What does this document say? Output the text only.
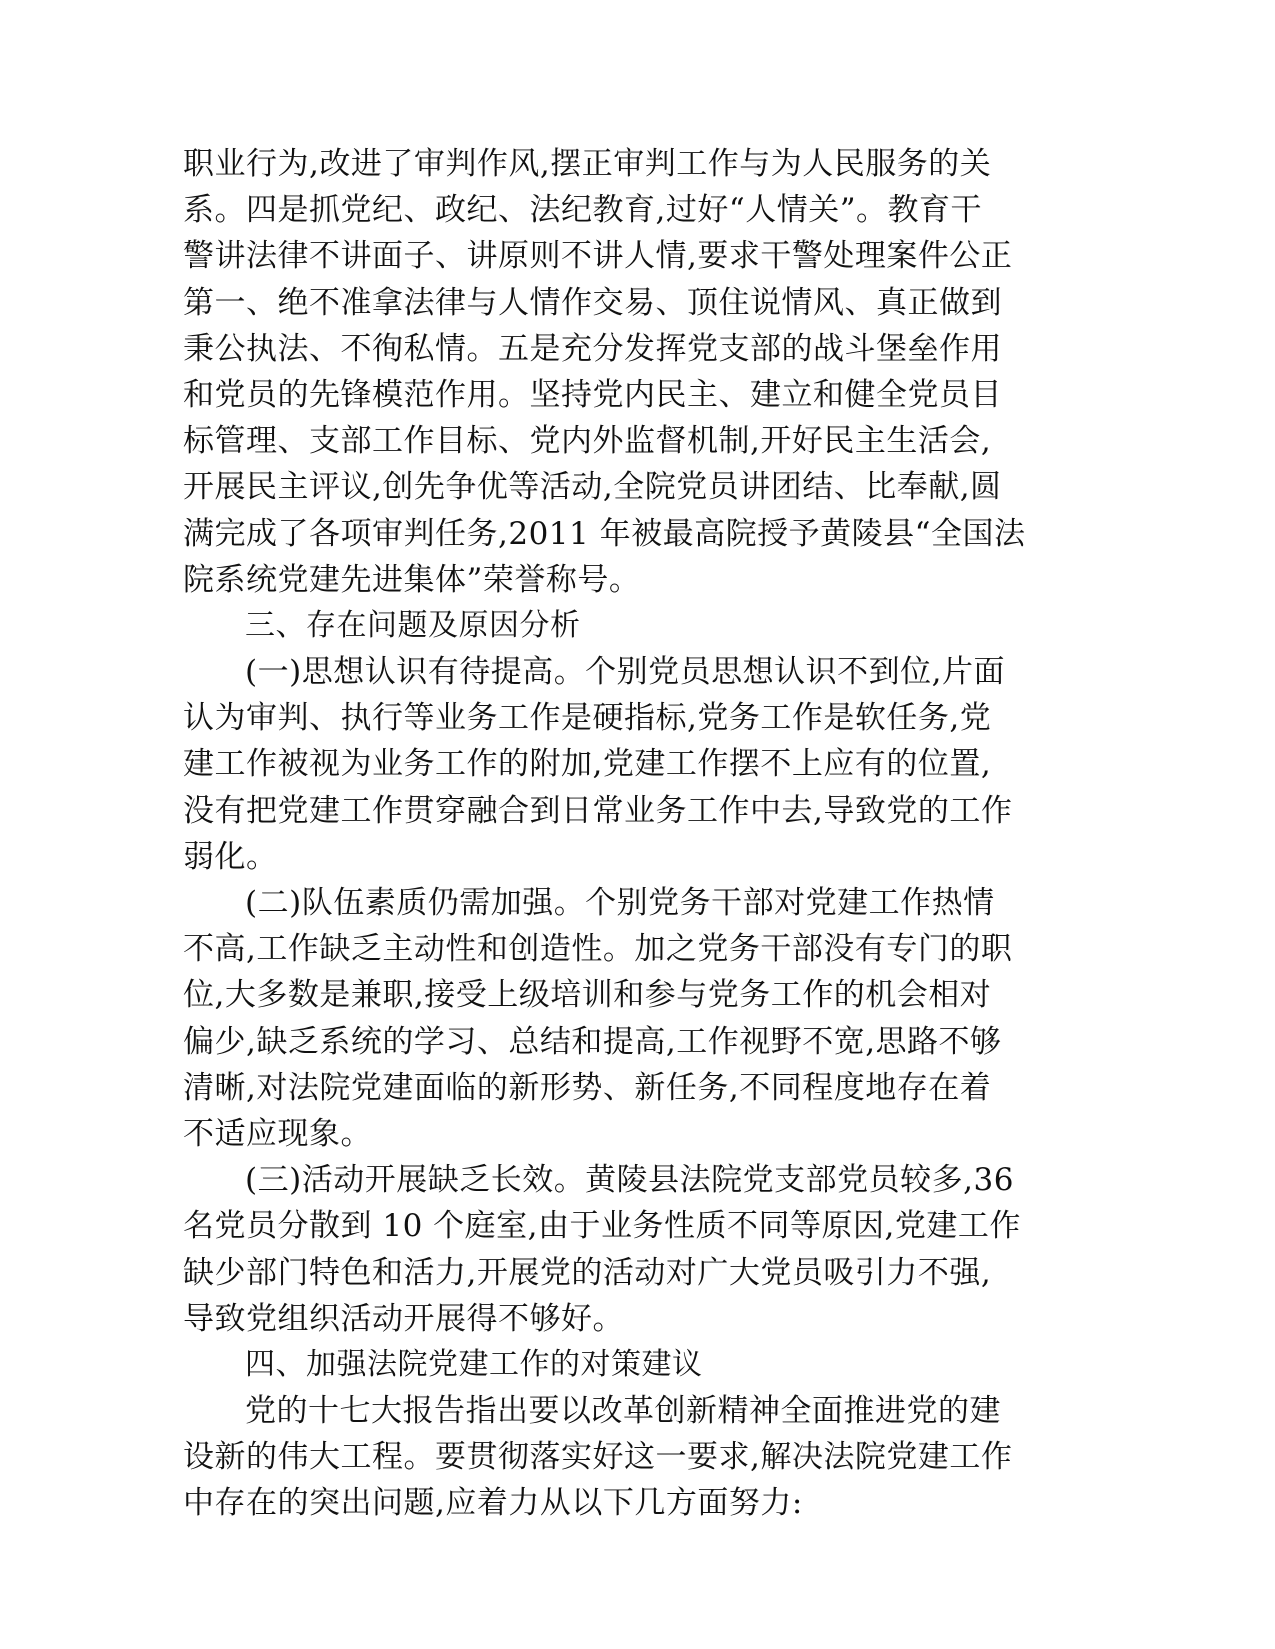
职业行为,改进了审判作风,摆正审判工作与为人民服务的关
系。四是抓党纪、政纪、法纪教育,过好“人情关”。教育干
警讲法律不讲面子、讲原则不讲人情,要求干警处理案件公正
第一、绝不准拿法律与人情作交易、顶住说情风、真正做到
秉公执法、不徇私情。五是充分发挥党支部的战斗堡垒作用
和党员的先锋模范作用。坚持党内民主、建立和健全党员目
标管理、支部工作目标、党内外监督机制,开好民主生活会,
开展民主评议,创先争优等活动,全院党员讲团结、比奉献,圆
满完成了各项审判任务,2011 年被最高院授予黄陵县“全国法
院系统党建先进集体”荣誉称号。
三、存在问题及原因分析
(一)思想认识有待提高。个别党员思想认识不到位,片面
认为审判、执行等业务工作是硬指标,党务工作是软任务,党
建工作被视为业务工作的附加,党建工作摆不上应有的位置,
没有把党建工作贯穿融合到日常业务工作中去,导致党的工作
弱化。
(二)队伍素质仍需加强。个别党务干部对党建工作热情
不高,工作缺乏主动性和创造性。加之党务干部没有专门的职
位,大多数是兼职,接受上级培训和参与党务工作的机会相对
偏少,缺乏系统的学习、总结和提高,工作视野不宽,思路不够
清晰,对法院党建面临的新形势、新任务,不同程度地存在着
不适应现象。
(三)活动开展缺乏长效。黄陵县法院党支部党员较多,36
名党员分散到 10 个庭室,由于业务性质不同等原因,党建工作
缺少部门特色和活力,开展党的活动对广大党员吸引力不强,
导致党组织活动开展得不够好。
四、加强法院党建工作的对策建议
党的十七大报告指出要以改革创新精神全面推进党的建
设新的伟大工程。要贯彻落实好这一要求,解决法院党建工作
中存在的突出问题,应着力从以下几方面努力:
